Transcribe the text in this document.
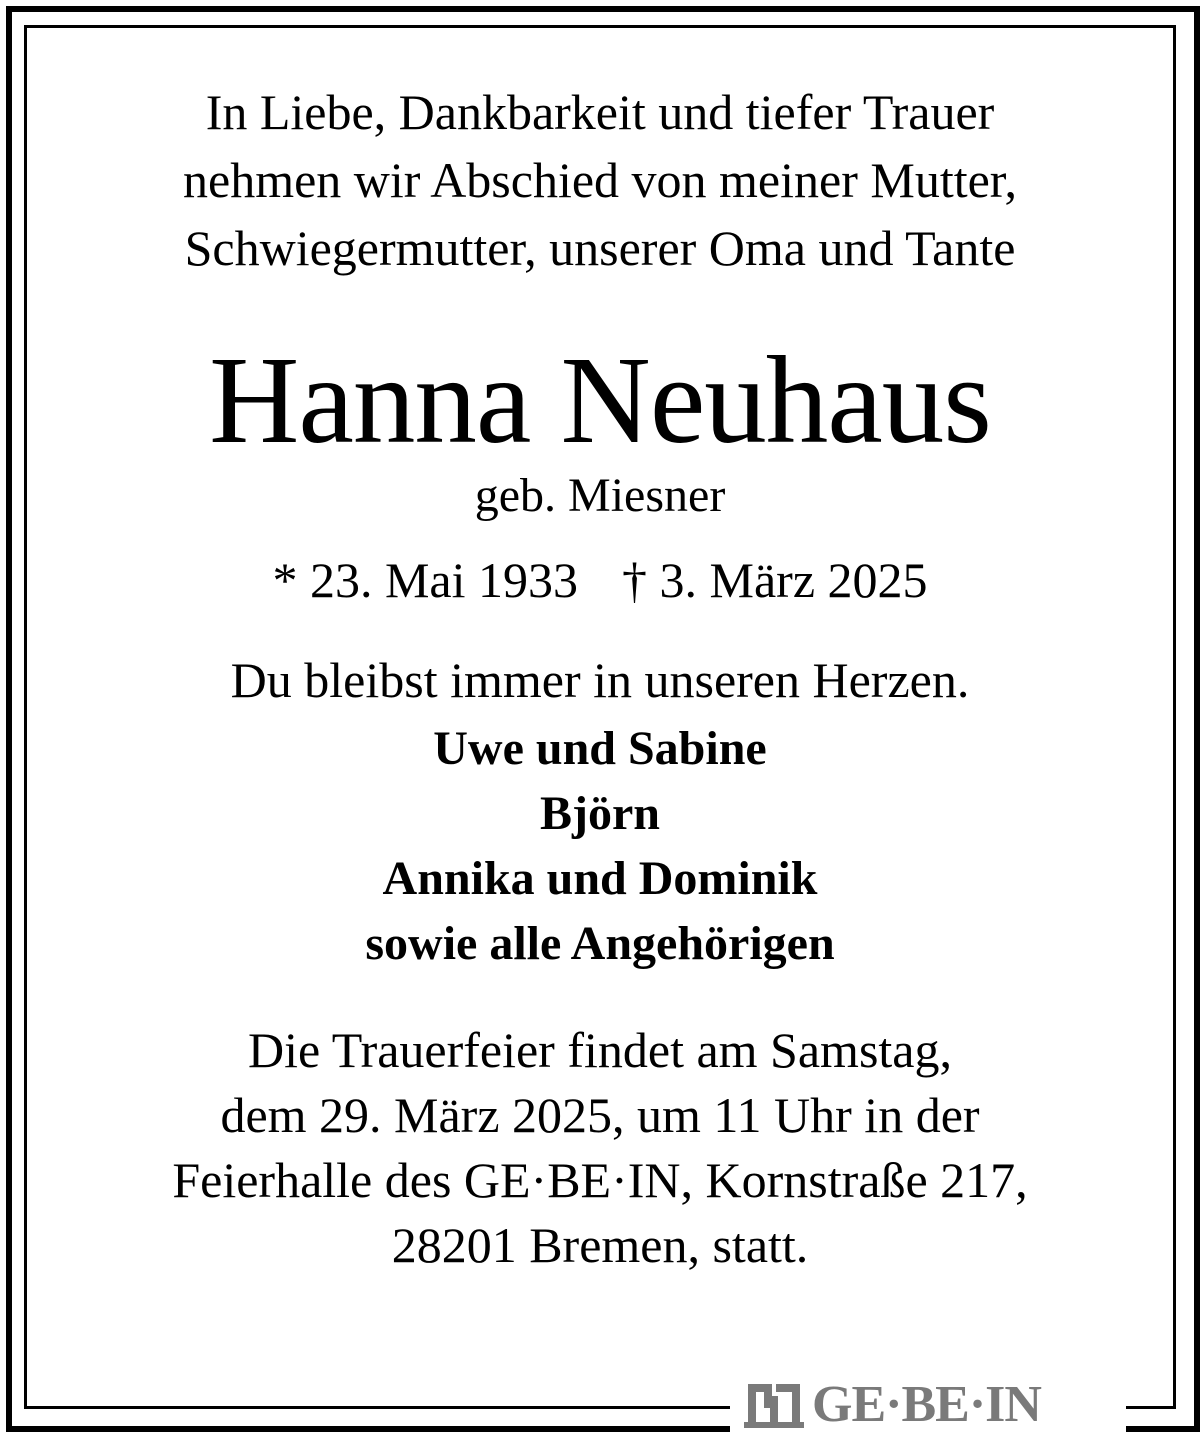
In Liebe, Dankbarkeit und tiefer Trauer
nehmen wir Abschied von meiner Mutter,
Schwiegermutter, unserer Oma und Tante
Hanna Neuhaus
geb. Miesner
* 23. Mai 1933 † 3. März 2025
Du bleibst immer in unseren Herzen.
Uwe und Sabine
Björn
Annika und Dominik
sowie alle Angehörigen
Die Trauerfeier findet am Samstag,
dem 29. März 2025, um 11 Uhr in der
Feierhalle des GE·BE·IN, Kornstraße 217,
28201 Bremen, statt.
GE·BE·IN
